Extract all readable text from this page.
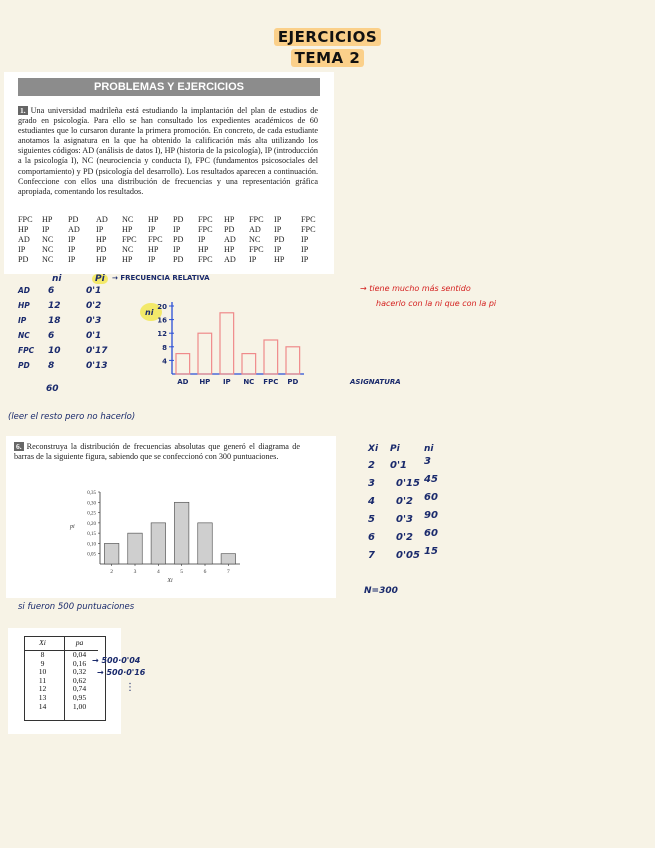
EJERCICIOS
TEMA 2
PROBLEMAS Y EJERCICIOS
1. Una universidad madrileña está estudiando la implantación del plan de estudios de grado en psicología. Para ello se han consultado los expedientes académicos de 60 estudiantes que lo cursaron durante la primera promoción. En concreto, de cada estudiante anotamos la asignatura en la que ha obtenido la calificación más alta utilizando los siguientes códigos: AD (análisis de datos I), HP (historia de la psicología), IP (introducción a la psicología I), NC (neurociencia y conducta I), FPC (fundamentos psicosociales del comportamiento) y PD (psicología del desarrollo). Los resultados aparecen a continuación. Confeccione con ellos una distribución de frecuencias y una representación gráfica apropiada, comentando los resultados.
FPC HP PD AD NC HP PD FPC HP FPC IP FPC
HP IP AD IP HP IP IP FPC PD AD IP FPC
AD NC IP	HP FPC FPC PD IP AD NC PD IP
IP NC IP	PD NC HP IP HP HP FPC IP IP
PD NC IP	HP HP IP PD FPC AD IP HP IP
ni	Pi	→ FRECUENCIA RELATIVA
AD 6	0'1
HP 12	0'2
IP 18	0'3
NC 6	0'1
FPC 10	0'17
PD 8	0'13
60
ni
4
8
12
16
20
AD HP IP NC FPC PD	ASIGNATURA
→ tiene mucho más sentido
hacerlo con la ni que con la pi
(leer el resto pero no hacerlo)
6. Reconstruya la distribución de frecuencias absolutas que generó el diagrama de barras de la siguiente figura, sabiendo que se confeccionó con 300 puntuaciones.
0,05
0,10
0,15
0,20
0,25
0,30
0,35
pi
Xi
2	3	4	5	6	7
Xi Pi	ni
2 0'1 3
3 0'15 45
4 0'2 60
5 0'3 90
6 0'2 60
7 0'05 15
N=300
si fueron 500 puntuaciones
Xi	pa
8	0,04
9	0,16
10	0,32
11	0,62
12	0,74
13	0,95
14	1,00
→ 500·0'04
→ 500·0'16
⋮
